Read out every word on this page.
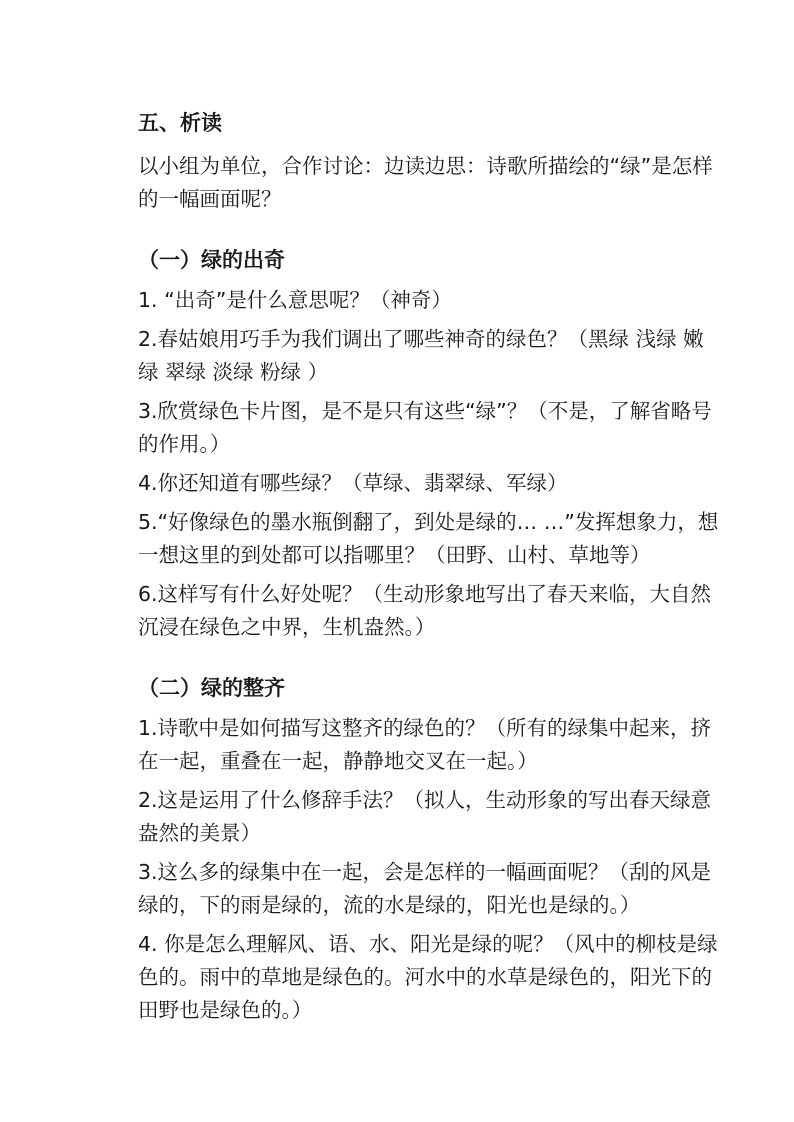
五、析读

以小组为单位，合作讨论：边读边思：诗歌所描绘的“绿”是怎样的一幅画面呢？

（一）绿的出奇

1. “出奇”是什么意思呢？（神奇）

2.春姑娘用巧手为我们调出了哪些神奇的绿色？（黑绿 浅绿 嫩绿 翠绿 淡绿 粉绿 ）

3.欣赏绿色卡片图，是不是只有这些“绿”？（不是，了解省略号的作用。）

4.你还知道有哪些绿？（草绿、翡翠绿、军绿）

5.“好像绿色的墨水瓶倒翻了，到处是绿的… …”发挥想象力，想一想这里的到处都可以指哪里？（田野、山村、草地等）

6.这样写有什么好处呢？（生动形象地写出了春天来临，大自然沉浸在绿色之中界，生机盎然。）

（二）绿的整齐

1.诗歌中是如何描写这整齐的绿色的？（所有的绿集中起来，挤在一起，重叠在一起，静静地交叉在一起。）

2.这是运用了什么修辞手法？（拟人，生动形象的写出春天绿意盎然的美景）

3.这么多的绿集中在一起，会是怎样的一幅画面呢？（刮的风是绿的，下的雨是绿的，流的水是绿的，阳光也是绿的。）

4. 你是怎么理解风、语、水、阳光是绿的呢？（风中的柳枝是绿色的。雨中的草地是绿色的。河水中的水草是绿色的，阳光下的田野也是绿色的。）
